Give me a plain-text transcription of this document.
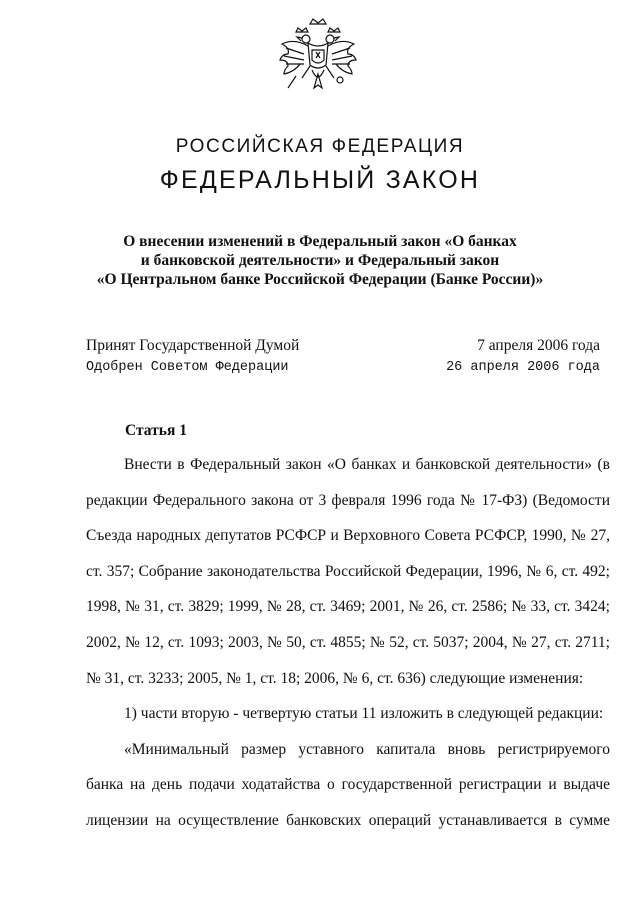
РОССИЙСКАЯ ФЕДЕРАЦИЯ
ФЕДЕРАЛЬНЫЙ ЗАКОН
О внесении изменений в Федеральный закон «О банках
и банковской деятельности» и Федеральный закон
«О Центральном банке Российской Федерации (Банке России)»
Принят Государственной Думой	7 апреля 2006 года
Одобрен Советом Федерации	26 апреля 2006 года
Статья 1
Внести в Федеральный закон «О банках и банковской деятельности» (в
редакции Федерального закона от 3 февраля 1996 года № 17-ФЗ) (Ведомости
Съезда народных депутатов РСФСР и Верховного Совета РСФСР, 1990, № 27,
ст. 357; Собрание законодательства Российской Федерации, 1996, № 6, ст. 492;
1998, № 31, ст. 3829; 1999, № 28, ст. 3469; 2001, № 26, ст. 2586; № 33, ст. 3424;
2002, № 12, ст. 1093; 2003, № 50, ст. 4855; № 52, ст. 5037; 2004, № 27, ст. 2711;
№ 31, ст. 3233; 2005, № 1, ст. 18; 2006, № 6, ст. 636) следующие изменения:
1) части вторую - четвертую статьи 11 изложить в следующей редакции:
«Минимальный размер уставного капитала вновь регистрируемого
банка на день подачи ходатайства о государственной регистрации и выдаче
лицензии на осуществление банковских операций устанавливается в сумме
